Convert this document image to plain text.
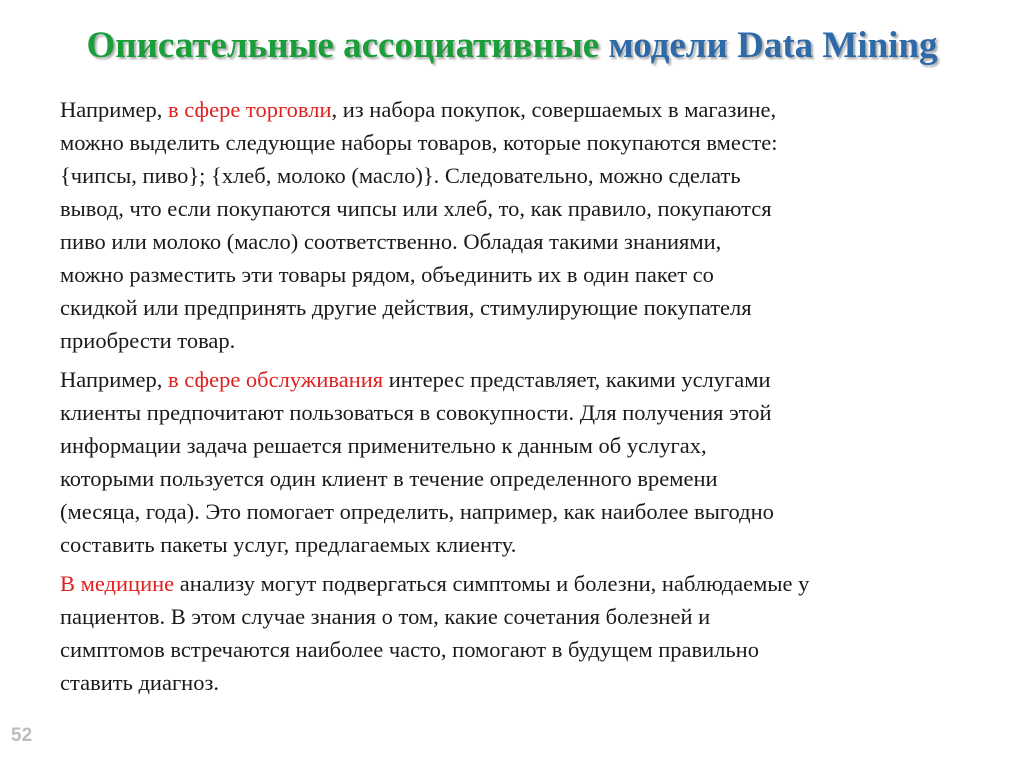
Описательные ассоциативные модели Data Mining

Например, в сфере торговли, из набора покупок, совершаемых в магазине,
можно выделить следующие наборы товаров, которые покупаются вместе:
{чипсы, пиво}; {хлеб, молоко (масло)}. Следовательно, можно сделать
вывод, что если покупаются чипсы или хлеб, то, как правило, покупаются
пиво или молоко (масло) соответственно. Обладая такими знаниями,
можно разместить эти товары рядом, объединить их в один пакет со
скидкой или предпринять другие действия, стимулирующие покупателя
приобрести товар.

Например, в сфере обслуживания интерес представляет, какими услугами
клиенты предпочитают пользоваться в совокупности. Для получения этой
информации задача решается применительно к данным об услугах,
которыми пользуется один клиент в течение определенного времени
(месяца, года). Это помогает определить, например, как наиболее выгодно
составить пакеты услуг, предлагаемых клиенту.

В медицине анализу могут подвергаться симптомы и болезни, наблюдаемые у
пациентов. В этом случае знания о том, какие сочетания болезней и
симптомов встречаются наиболее часто, помогают в будущем правильно
ставить диагноз.

52
